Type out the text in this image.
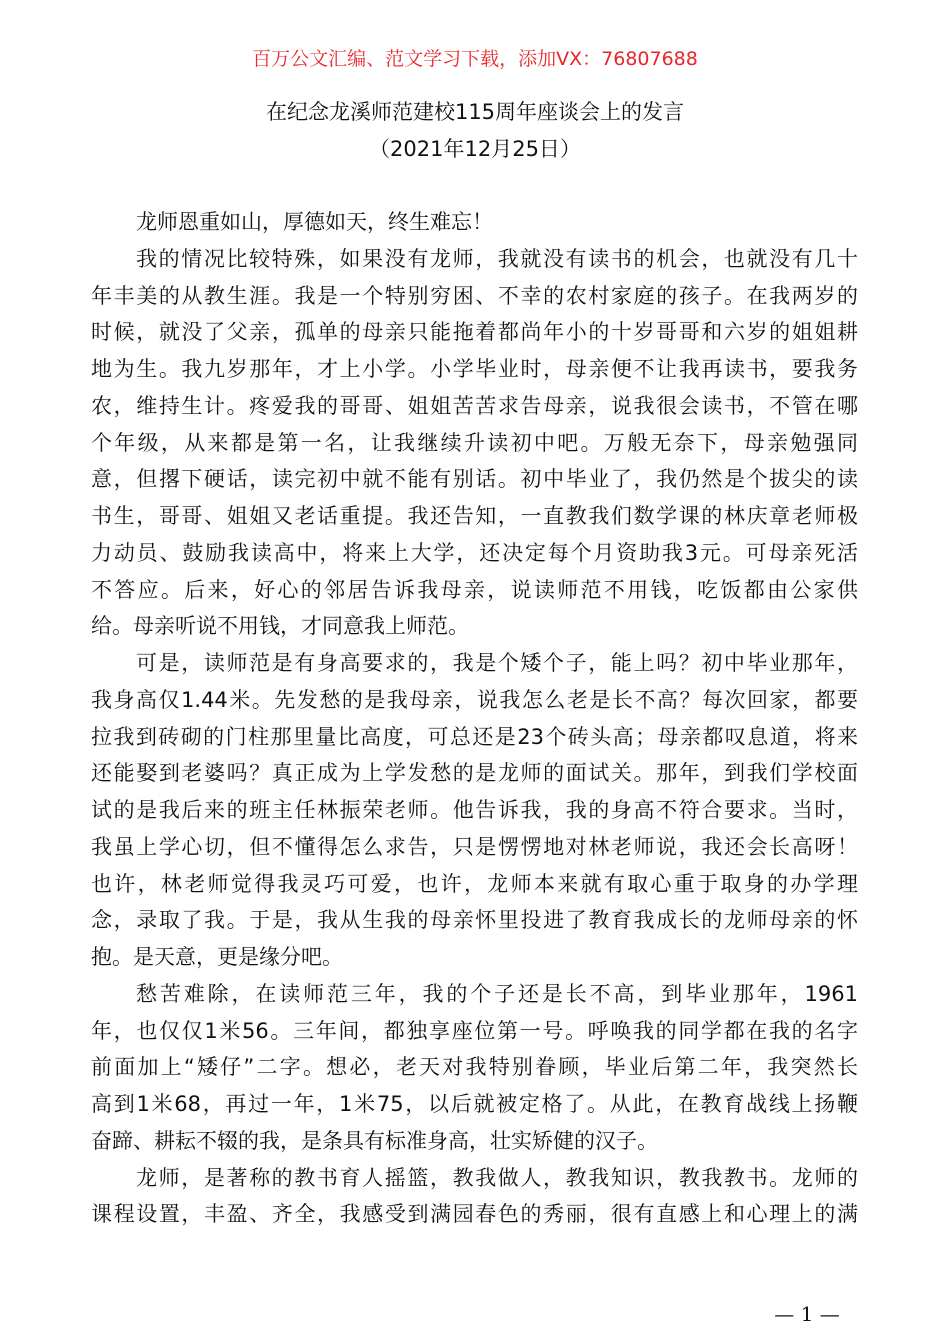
百万公文汇编、范文学习下载，添加VX：76807688
在纪念龙溪师范建校115周年座谈会上的发言
（2021年12月25日）
龙师恩重如山，厚德如天，终生难忘！
我的情况比较特殊，如果没有龙师，我就没有读书的机会，也就没有几十
年丰美的从教生涯。我是一个特别穷困、不幸的农村家庭的孩子。在我两岁的
时候，就没了父亲，孤单的母亲只能拖着都尚年小的十岁哥哥和六岁的姐姐耕
地为生。我九岁那年，才上小学。小学毕业时，母亲便不让我再读书，要我务
农，维持生计。疼爱我的哥哥、姐姐苦苦求告母亲，说我很会读书，不管在哪
个年级，从来都是第一名，让我继续升读初中吧。万般无奈下，母亲勉强同
意，但撂下硬话，读完初中就不能有别话。初中毕业了，我仍然是个拔尖的读
书生，哥哥、姐姐又老话重提。我还告知，一直教我们数学课的林庆章老师极
力动员、鼓励我读高中，将来上大学，还决定每个月资助我3元。可母亲死活
不答应。后来，好心的邻居告诉我母亲，说读师范不用钱，吃饭都由公家供
给。母亲听说不用钱，才同意我上师范。
可是，读师范是有身高要求的，我是个矮个子，能上吗？初中毕业那年，
我身高仅1.44米。先发愁的是我母亲，说我怎么老是长不高？每次回家，都要
拉我到砖砌的门柱那里量比高度，可总还是23个砖头高；母亲都叹息道，将来
还能娶到老婆吗？真正成为上学发愁的是龙师的面试关。那年，到我们学校面
试的是我后来的班主任林振荣老师。他告诉我，我的身高不符合要求。当时，
我虽上学心切，但不懂得怎么求告，只是愣愣地对林老师说，我还会长高呀！
也许，林老师觉得我灵巧可爱，也许，龙师本来就有取心重于取身的办学理
念，录取了我。于是，我从生我的母亲怀里投进了教育我成长的龙师母亲的怀
抱。是天意，更是缘分吧。
愁苦难除，在读师范三年，我的个子还是长不高，到毕业那年，1961
年，也仅仅1米56。三年间，都独享座位第一号。呼唤我的同学都在我的名字
前面加上“矮仔”二字。想必，老天对我特别眷顾，毕业后第二年，我突然长
高到1米68，再过一年，1米75，以后就被定格了。从此，在教育战线上扬鞭
奋蹄、耕耘不辍的我，是条具有标准身高，壮实矫健的汉子。
龙师，是著称的教书育人摇篮，教我做人，教我知识，教我教书。龙师的
课程设置，丰盈、齐全，我感受到满园春色的秀丽，很有直感上和心理上的满
— 1 —
